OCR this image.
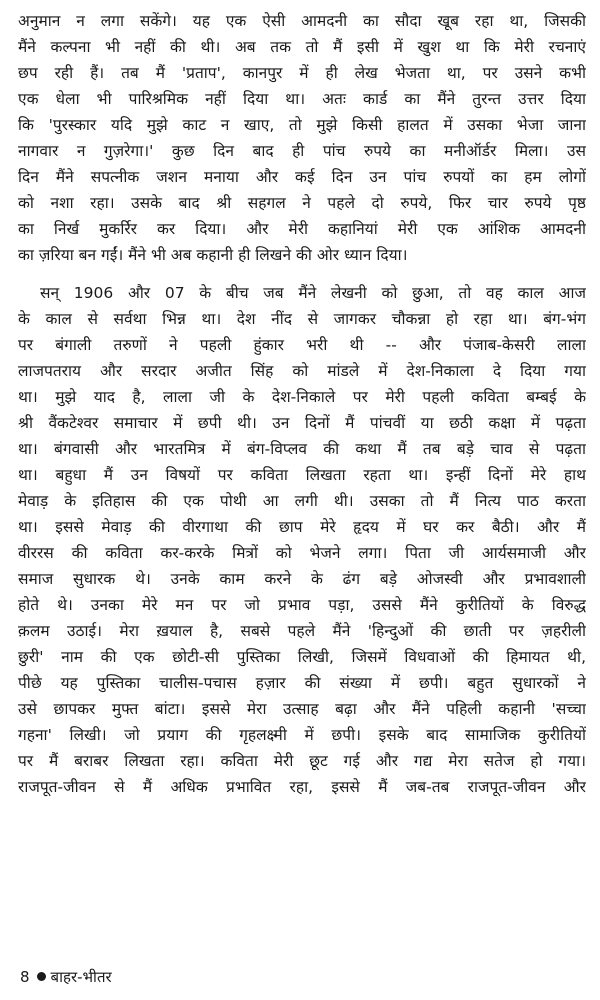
अनुमान न लगा सकेंगे। यह एक ऐसी आमदनी का सौदा खूब रहा था, जिसकी
मैंने कल्पना भी नहीं की थी। अब तक तो मैं इसी में खुश था कि मेरी रचनाएं
छप रही हैं। तब मैं 'प्रताप', कानपुर में ही लेख भेजता था, पर उसने कभी
एक धेला भी पारिश्रमिक नहीं दिया था। अतः कार्ड का मैंने तुरन्त उत्तर दिया
कि 'पुरस्कार यदि मुझे काट न खाए, तो मुझे किसी हालत में उसका भेजा जाना
नागवार न गुज़रेगा।' कुछ दिन बाद ही पांच रुपये का मनीऑर्डर मिला। उस
दिन मैंने सपत्नीक जशन मनाया और कई दिन उन पांच रुपयों का हम लोगों
को नशा रहा। उसके बाद श्री सहगल ने पहले दो रुपये, फिर चार रुपये पृष्ठ
का निर्ख मुकर्रिर कर दिया। और मेरी कहानियां मेरी एक आंशिक आमदनी
का ज़रिया बन गईं। मैंने भी अब कहानी ही लिखने की ओर ध्यान दिया।
सन् 1906 और 07 के बीच जब मैंने लेखनी को छुआ, तो वह काल आज
के काल से सर्वथा भिन्न था। देश नींद से जागकर चौकन्ना हो रहा था। बंग-भंग
पर बंगाली तरुणों ने पहली हुंकार भरी थी -- और पंजाब-केसरी लाला
लाजपतराय और सरदार अजीत सिंह को मांडले में देश-निकाला दे दिया गया
था। मुझे याद है, लाला जी के देश-निकाले पर मेरी पहली कविता बम्बई के
श्री वैंकटेश्वर समाचार में छपी थी। उन दिनों मैं पांचवीं या छठी कक्षा में पढ़ता
था। बंगवासी और भारतमित्र में बंग-विप्लव की कथा मैं तब बड़े चाव से पढ़ता
था। बहुधा मैं उन विषयों पर कविता लिखता रहता था। इन्हीं दिनों मेरे हाथ
मेवाड़ के इतिहास की एक पोथी आ लगी थी। उसका तो मैं नित्य पाठ करता
था। इससे मेवाड़ की वीरगाथा की छाप मेरे हृदय में घर कर बैठी। और मैं
वीररस की कविता कर-करके मित्रों को भेजने लगा। पिता जी आर्यसमाजी और
समाज सुधारक थे। उनके काम करने के ढंग बड़े ओजस्वी और प्रभावशाली
होते थे। उनका मेरे मन पर जो प्रभाव पड़ा, उससे मैंने कुरीतियों के विरुद्ध
क़लम उठाई। मेरा ख़याल है, सबसे पहले मैंने 'हिन्दुओं की छाती पर ज़हरीली
छुरी' नाम की एक छोटी-सी पुस्तिका लिखी, जिसमें विधवाओं की हिमायत थी,
पीछे यह पुस्तिका चालीस-पचास हज़ार की संख्या में छपी। बहुत सुधारकों ने
उसे छापकर मुफ्त बांटा। इससे मेरा उत्साह बढ़ा और मैंने पहिली कहानी 'सच्चा
गहना' लिखी। जो प्रयाग की गृहलक्ष्मी में छपी। इसके बाद सामाजिक कुरीतियों
पर मैं बराबर लिखता रहा। कविता मेरी छूट गई और गद्य मेरा सतेज हो गया।
राजपूत-जीवन से मैं अधिक प्रभावित रहा, इससे मैं जब-तब राजपूत-जीवन और
8 बाहर-भीतर
